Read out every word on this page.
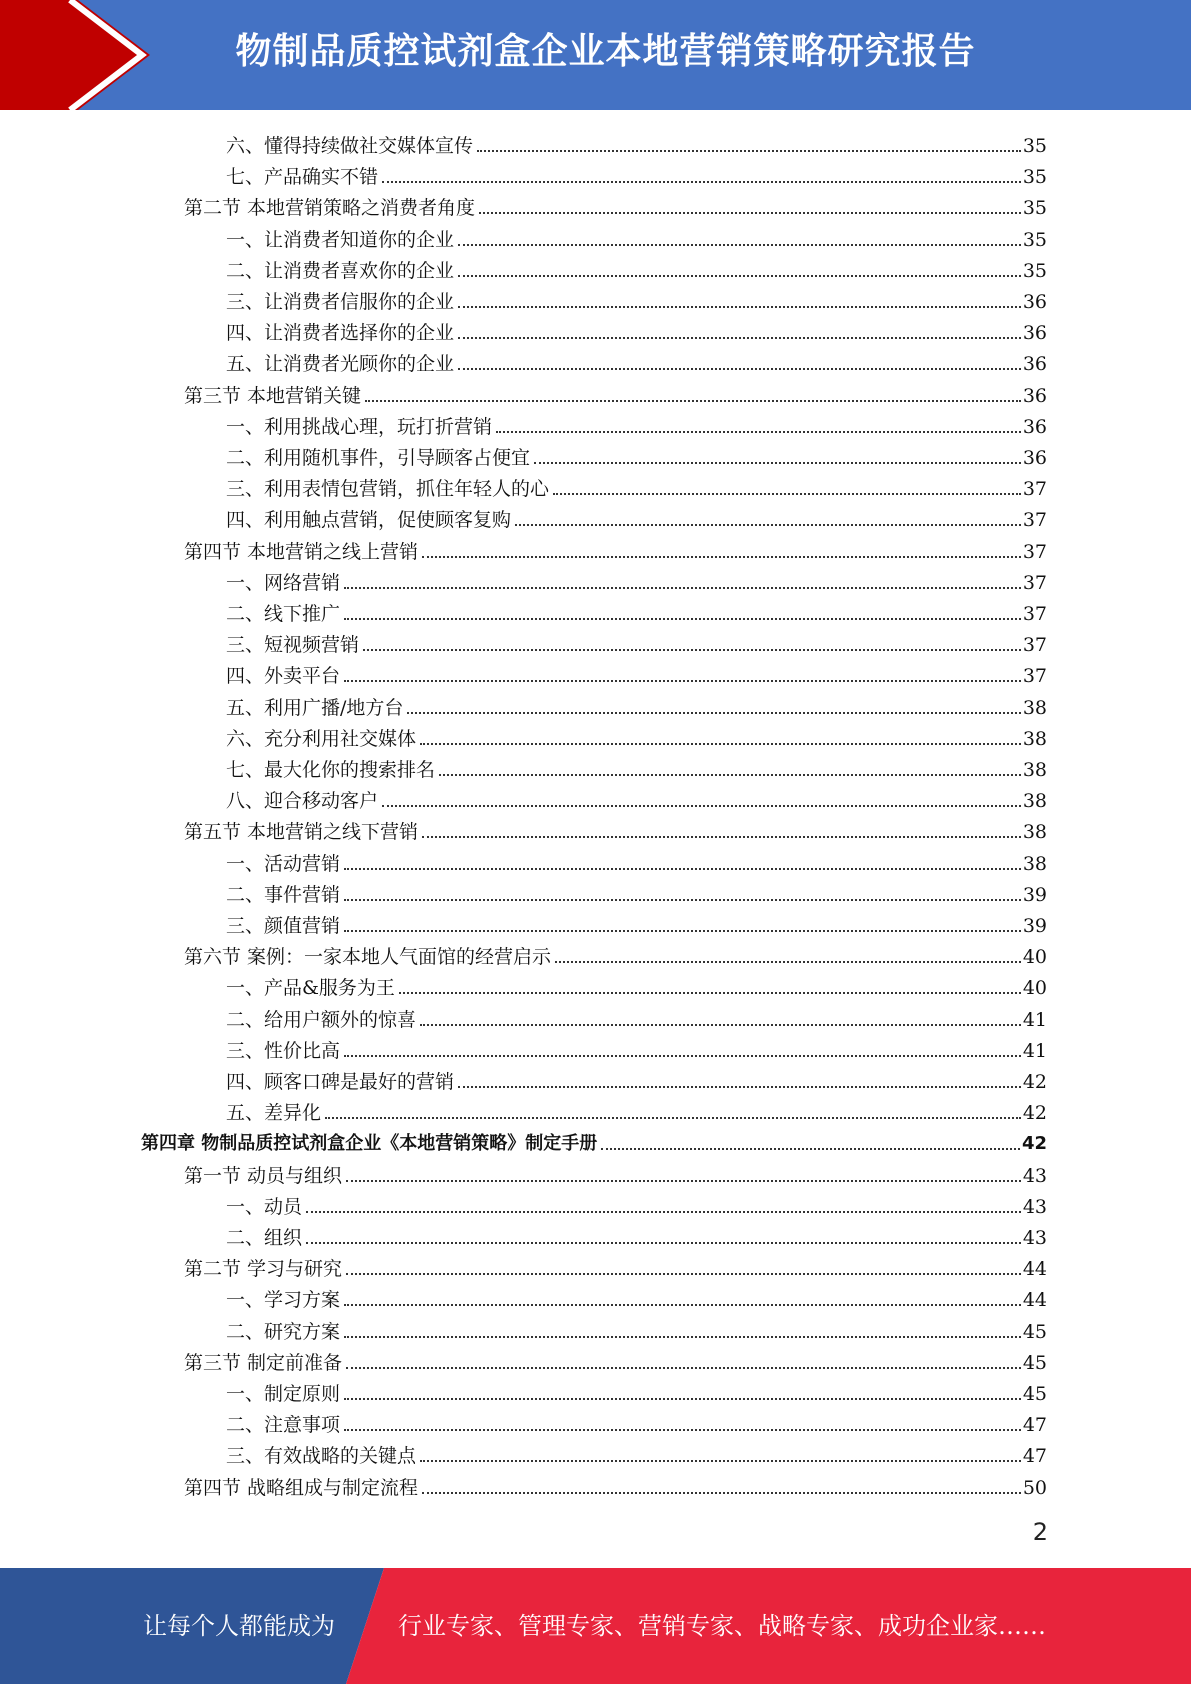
物制品质控试剂盒企业本地营销策略研究报告
六、懂得持续做社交媒体宣传	35
七、产品确实不错	35
第二节 本地营销策略之消费者角度	35
一、让消费者知道你的企业	35
二、让消费者喜欢你的企业	35
三、让消费者信服你的企业	36
四、让消费者选择你的企业	36
五、让消费者光顾你的企业	36
第三节 本地营销关键	36
一、利用挑战心理，玩打折营销	36
二、利用随机事件，引导顾客占便宜	36
三、利用表情包营销，抓住年轻人的心	37
四、利用触点营销，促使顾客复购	37
第四节 本地营销之线上营销	37
一、网络营销	37
二、线下推广	37
三、短视频营销	37
四、外卖平台	37
五、利用广播/地方台	38
六、充分利用社交媒体	38
七、最大化你的搜索排名	38
八、迎合移动客户	38
第五节 本地营销之线下营销	38
一、活动营销	38
二、事件营销	39
三、颜值营销	39
第六节 案例：一家本地人气面馆的经营启示	40
一、产品&服务为王	40
二、给用户额外的惊喜	41
三、性价比高	41
四、顾客口碑是最好的营销	42
五、差异化	42
第四章 物制品质控试剂盒企业《本地营销策略》制定手册	42
第一节 动员与组织	43
一、动员	43
二、组织	43
第二节 学习与研究	44
一、学习方案	44
二、研究方案	45
第三节 制定前准备	45
一、制定原则	45
二、注意事项	47
三、有效战略的关键点	47
第四节 战略组成与制定流程	50
2
让每个人都能成为	行业专家、管理专家、营销专家、战略专家、成功企业家……
